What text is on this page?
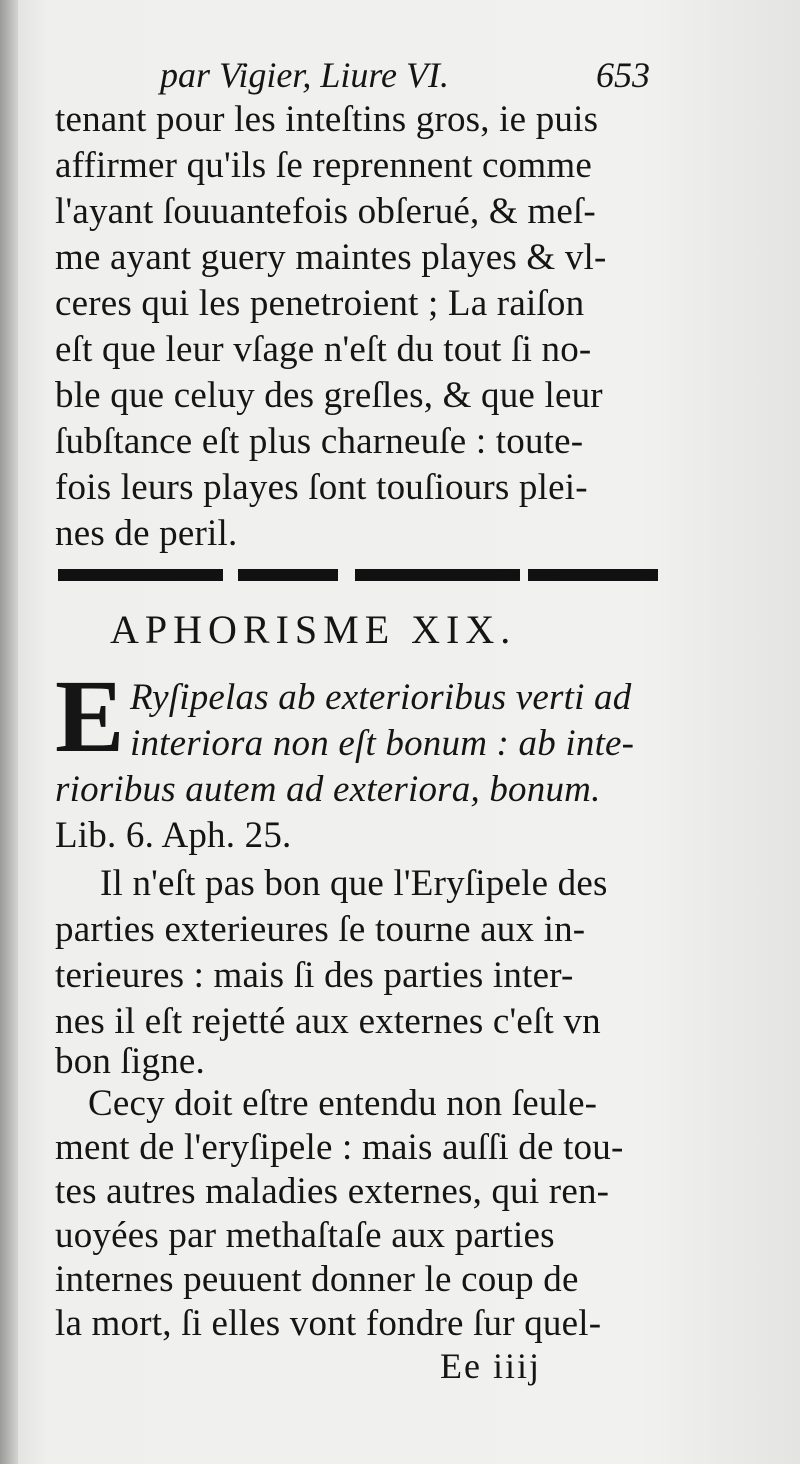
par Vigier, Liure VI.	653
tenant pour les inteſtins gros, ie puis
affirmer qu'ils ſe reprennent comme
l'ayant ſouuantefois obſerué, & meſ-
me ayant guery maintes playes & vl-
ceres qui les penetroient ; La raiſon
eſt que leur vſage n'eſt du tout ſi no-
ble que celuy des greſles, & que leur
ſubſtance eſt plus charneuſe : toute-
fois leurs playes ſont touſiours plei-
nes de peril.
APHORISME XIX.
E Ryſipelas ab exterioribus verti ad
interiora non eſt bonum : ab inte-
rioribus autem ad exteriora, bonum.
Lib. 6. Aph. 25.
Il n'eſt pas bon que l'Eryſipele des
parties exterieures ſe tourne aux in-
terieures : mais ſi des parties inter-
nes il eſt rejetté aux externes c'eſt vn
bon ſigne.
Cecy doit eſtre entendu non ſeule-
ment de l'eryſipele : mais auſſi de tou-
tes autres maladies externes, qui ren-
uoyées par methaſtaſe aux parties
internes peuuent donner le coup de
la mort, ſi elles vont fondre ſur quel-
Ee iiij
